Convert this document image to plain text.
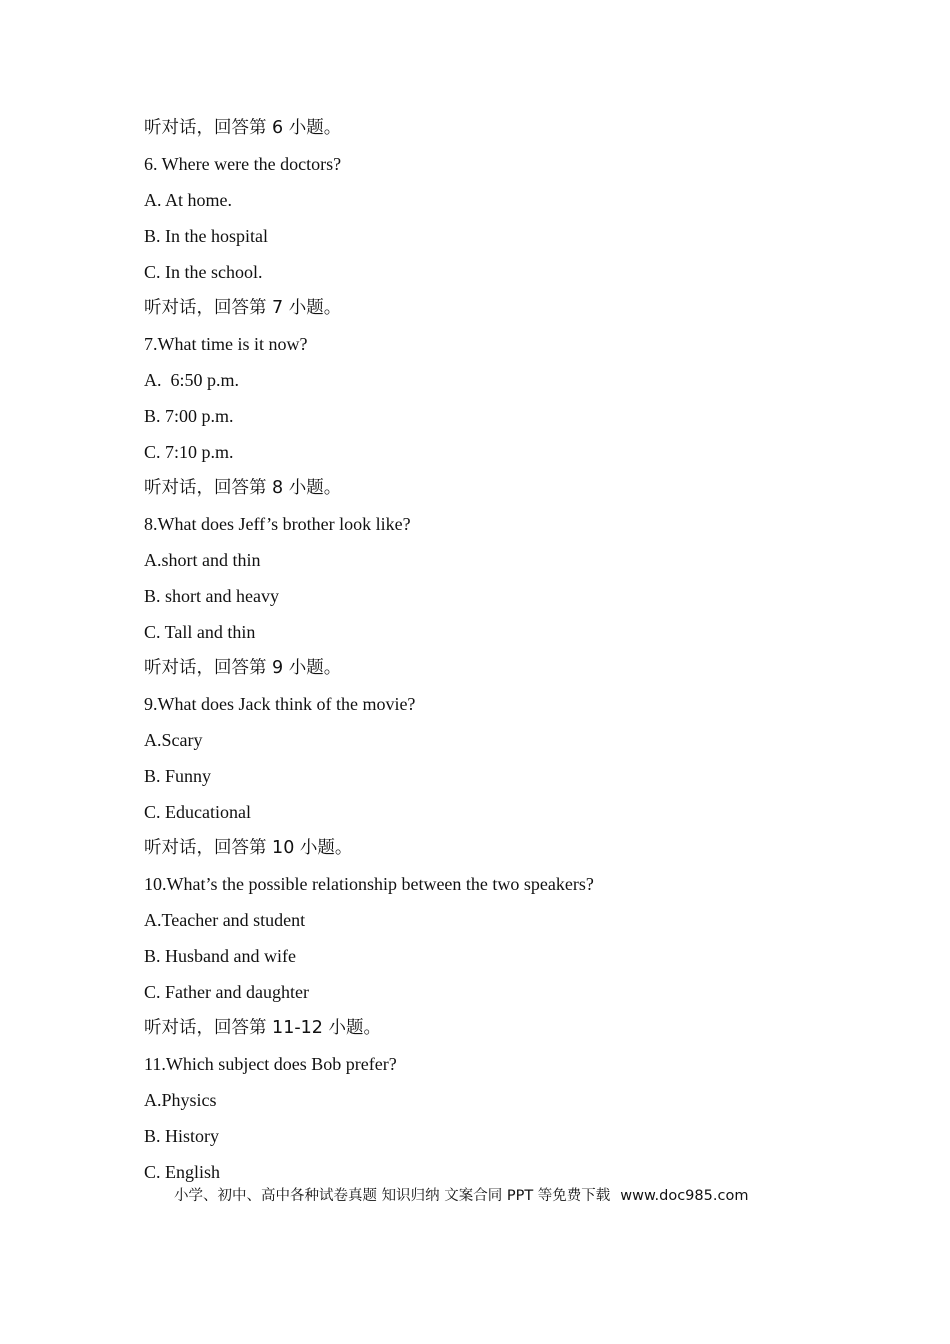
听对话，回答第 6 小题。
6. Where were the doctors?
A. At home.
B. In the hospital
C. In the school.
听对话，回答第 7 小题。
7.What time is it now?
A.  6:50 p.m.
B. 7:00 p.m.
C. 7:10 p.m.
听对话，回答第 8 小题。
8.What does Jeff’s brother look like?
A.short and thin
B. short and heavy
C. Tall and thin
听对话，回答第 9 小题。
9.What does Jack think of the movie?
A.Scary
B. Funny
C. Educational
听对话，回答第 10 小题。
10.What’s the possible relationship between the two speakers?
A.Teacher and student
B. Husband and wife
C. Father and daughter
听对话，回答第 11-12 小题。
11.Which subject does Bob prefer?
A.Physics
B. History
C. English
小学、初中、高中各种试卷真题 知识归纳 文案合同 PPT 等免费下载 www.doc985.com
